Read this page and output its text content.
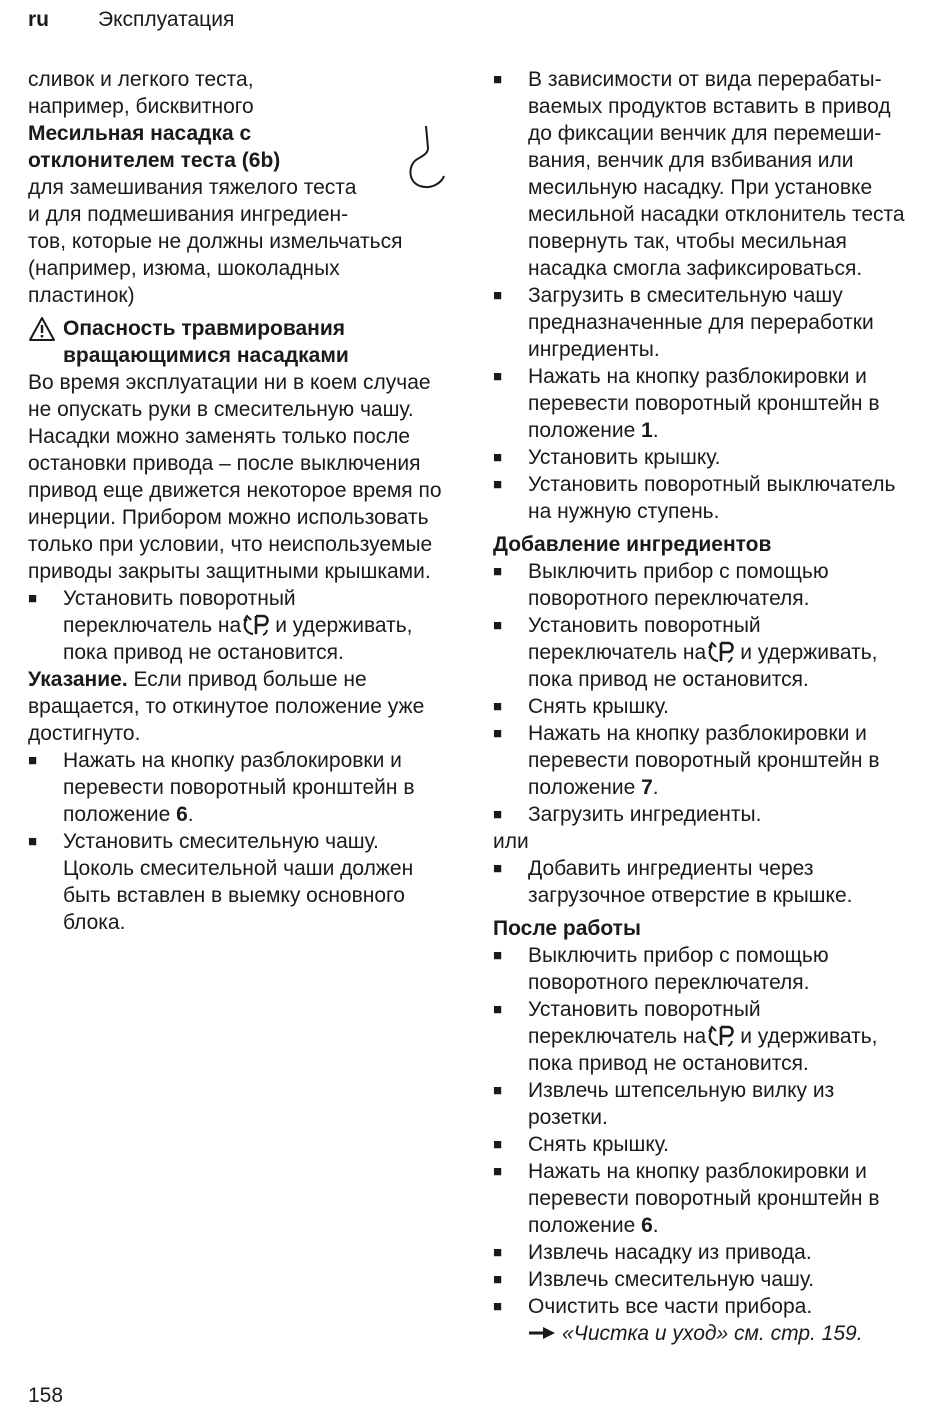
ru Эксплуатация

сливок и легкого теста,

например, бисквитного

Месильная насадка с

отклонителем теста (6b)

для замешивания тяжелого теста

и для подмешивания ингредиен-

тов, которые не должны измельчаться

(например, изюма, шоколадных

пластинок)

Опасность травмирования

вращающимися насадками

Во время эксплуатации ни в коем случае

не опускать руки в смесительную чашу.

Насадки можно заменять только после

остановки привода – после выключения

привод еще движется некоторое время по

инерции. Прибором можно использовать

только при условии, что неиспользуемые

приводы закрыты защитными крышками.

■	Установить поворотный

переключатель на и удерживать,

пока привод не остановится.

Указание. Если привод больше не

вращается, то откинутое положение уже

достигнуто.

■	Нажать на кнопку разблокировки и

перевести поворотный кронштейн в

положение 6.

■	Установить смесительную чашу.

Цоколь смесительной чаши должен

быть вставлен в выемку основного

блока.

■	В зависимости от вида перерабаты-

ваемых продуктов вставить в привод

до фиксации венчик для перемеши-

вания, венчик для взбивания или

месильную насадку. При установке

месильной насадки отклонитель теста

повернуть так, чтобы месильная

насадка смогла зафиксироваться.

■	Загрузить в смесительную чашу

предназначенные для переработки

ингредиенты.

■	Нажать на кнопку разблокировки и

перевести поворотный кронштейн в

положение 1.

■	Установить крышку.

■	Установить поворотный выключатель

на нужную ступень.

Добавление ингредиентов

■	Выключить прибор с помощью

поворотного переключателя.

■	Установить поворотный

переключатель на и удерживать,

пока привод не остановится.

■	Снять крышку.

■	Нажать на кнопку разблокировки и

перевести поворотный кронштейн в

положение 7.

■	Загрузить ингредиенты.

или

■	Добавить ингредиенты через

загрузочное отверстие в крышке.

После работы

■	Выключить прибор с помощью

поворотного переключателя.

■	Установить поворотный

переключатель на и удерживать,

пока привод не остановится.

■	Извлечь штепсельную вилку из

розетки.

■	Снять крышку.

■	Нажать на кнопку разблокировки и

перевести поворотный кронштейн в

положение 6.

■	Извлечь насадку из привода.

■	Извлечь смесительную чашу.

■	Очистить все части прибора.

«Чистка и уход» см. стр. 159.

158
